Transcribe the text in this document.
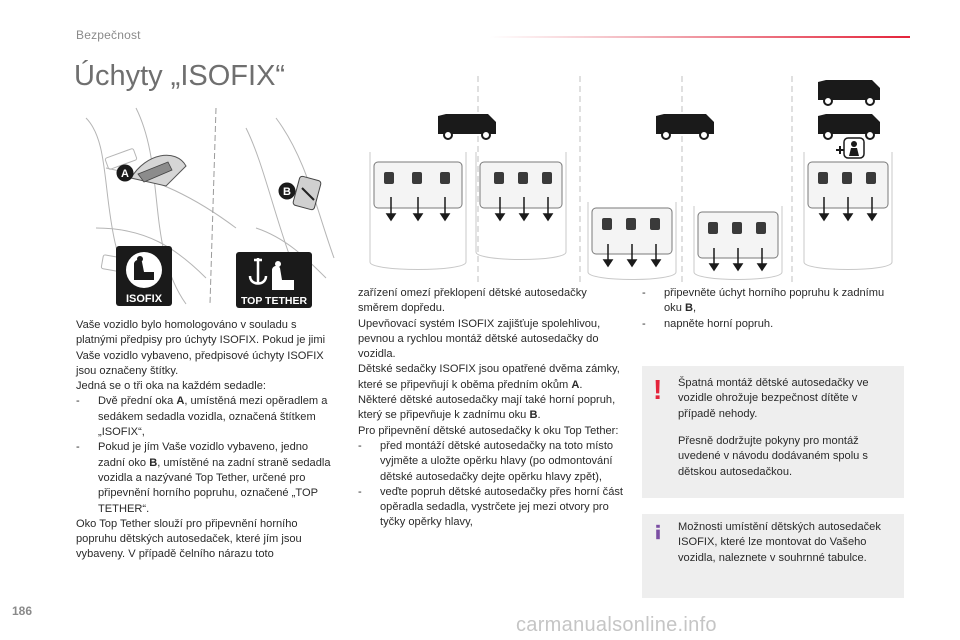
Bezpečnost
Úchyty „ISOFIX“
A
B
ISOFIX	TOP TETHER

Vaše vozidlo bylo homologováno v souladu s platnými předpisy pro úchyty ISOFIX. Pokud je jimi Vaše vozidlo vybaveno, předpisové úchyty ISOFIX jsou označeny štítky.

Jedná se o tři oka na každém sedadle:

-	Dvě přední oka A, umístěná mezi opěradlem a sedákem sedadla vozidla, označená štítkem „ISOFIX“,
-	Pokud je jím Vaše vozidlo vybaveno, jedno zadní oko B, umístěné na zadní straně sedadla vozidla a nazývané Top Tether, určené pro připevnění horního popruhu, označené „TOP TETHER“.

Oko Top Tether slouží pro připevnění horního popruhu dětských autosedaček, které jím jsou vybaveny. V případě čelního nárazu toto

zařízení omezí překlopení dětské autosedačky směrem dopředu.

Upevňovací systém ISOFIX zajišťuje spolehlivou, pevnou a rychlou montáž dětské autosedačky do vozidla.

Dětské sedačky ISOFIX jsou opatřené dvěma zámky, které se připevňují k oběma předním okům A.

Některé dětské autosedačky mají také horní popruh, který se připevňuje k zadnímu oku B.

Pro připevnění dětské autosedačky k oku Top Tether:

-	před montáží dětské autosedačky na toto místo vyjměte a uložte opěrku hlavy (po odmontování dětské autosedačky dejte opěrku hlavy zpět),
-	veďte popruh dětské autosedačky přes horní část opěradla sedadla, vystrčete jej mezi otvory pro tyčky opěrky hlavy,
-	připevněte úchyt horního popruhu k zadnímu oku B,
-	napněte horní popruh.
! Špatná montáž dětské autosedačky ve vozidle ohrožuje bezpečnost dítěte v případě nehody.
Přesně dodržujte pokyny pro montáž uvedené v návodu dodávaném spolu s dětskou autosedačkou.
Možnosti umístění dětských autosedaček ISOFIX, které lze montovat do Vašeho vozidla, naleznete v souhrnné tabulce.
186
carmanualsonline.info
